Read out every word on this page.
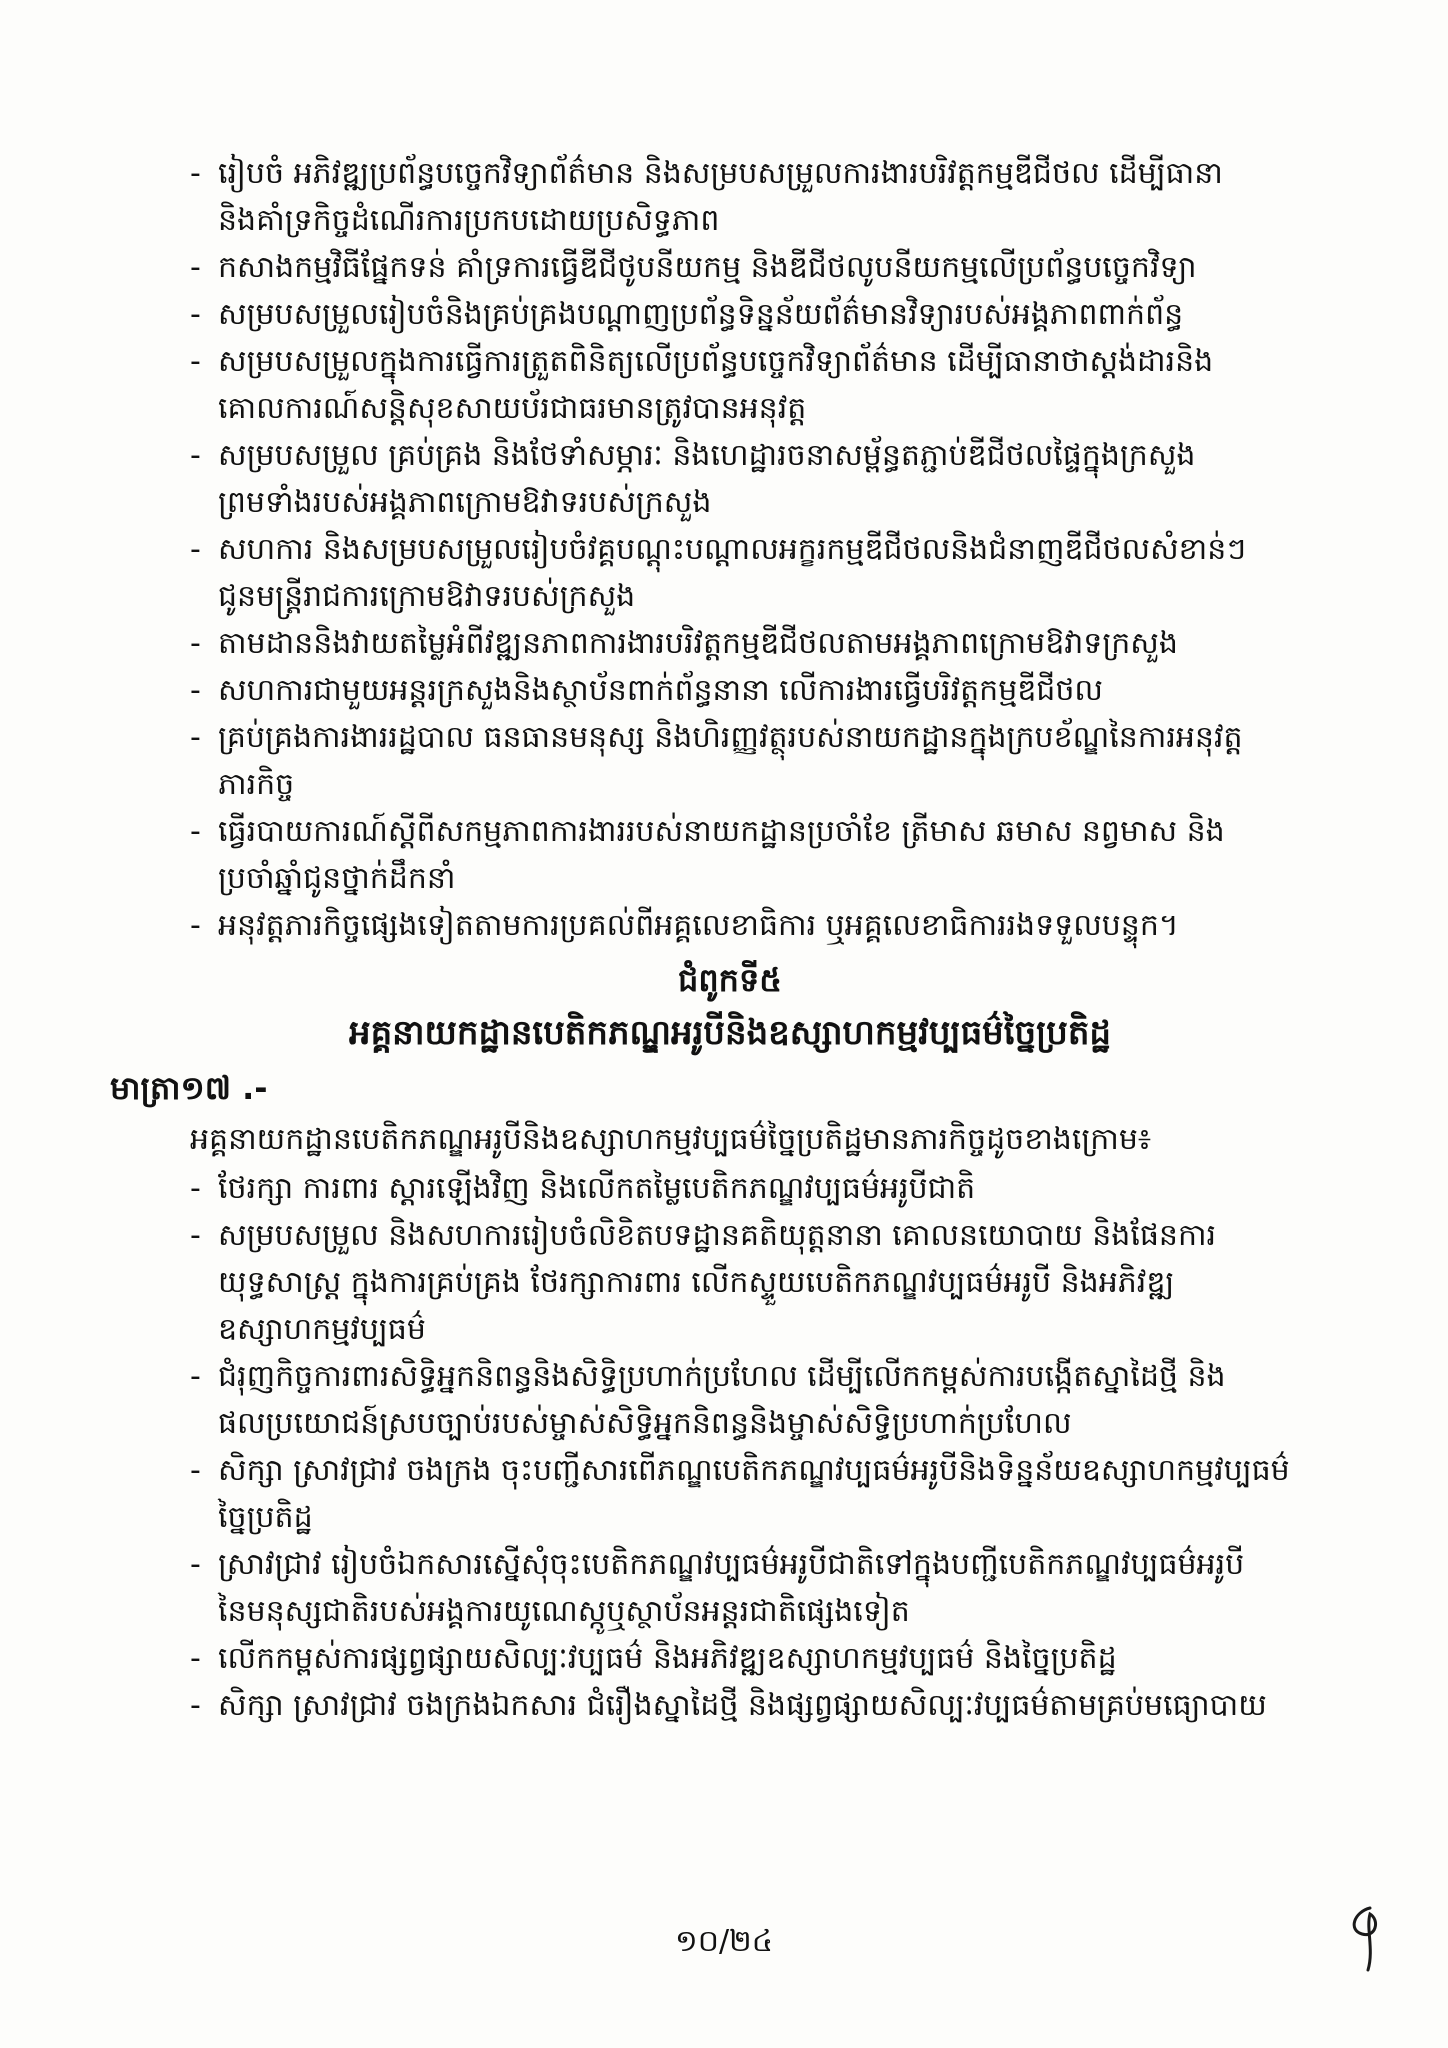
- រៀបចំ អភិវឌ្ឍប្រព័ន្ធបច្ចេកវិទ្យាព័ត៌មាន និងសម្របសម្រួលការងារបរិវត្តកម្មឌីជីថល ដើម្បីធានា
និងគាំទ្រកិច្ចដំណើរការប្រកបដោយប្រសិទ្ធភាព
- កសាងកម្មវិធីផ្នែកទន់ គាំទ្រការធ្វើឌីជីថូបនីយកម្ម និងឌីជីថលូបនីយកម្មលើប្រព័ន្ធបច្ចេកវិទ្យា
- សម្របសម្រួលរៀបចំនិងគ្រប់គ្រងបណ្ដាញប្រព័ន្ធទិន្នន័យព័ត៌មានវិទ្យារបស់អង្គភាពពាក់ព័ន្ធ
- សម្របសម្រួលក្នុងការធ្វើការត្រួតពិនិត្យលើប្រព័ន្ធបច្ចេកវិទ្យាព័ត៌មាន ដើម្បីធានាថាស្តង់ដារនិង
គោលការណ៍សន្តិសុខសាយប័រជាធរមានត្រូវបានអនុវត្ត
- សម្របសម្រួល គ្រប់គ្រង និងថែទាំសម្ភារៈ និងហេដ្ឋារចនាសម្ព័ន្ធតភ្ជាប់ឌីជីថលផ្ទៃក្នុងក្រសួង
ព្រមទាំងរបស់អង្គភាពក្រោមឱវាទរបស់ក្រសួង
- សហការ និងសម្របសម្រួលរៀបចំវគ្គបណ្តុះបណ្តាលអក្ខរកម្មឌីជីថលនិងជំនាញឌីជីថលសំខាន់ៗ
ជូនមន្ត្រីរាជការក្រោមឱវាទរបស់ក្រសួង
- តាមដាននិងវាយតម្លៃអំពីវឌ្ឍនភាពការងារបរិវត្តកម្មឌីជីថលតាមអង្គភាពក្រោមឱវាទក្រសួង
- សហការជាមួយអន្តរក្រសួងនិងស្ថាប័នពាក់ព័ន្ធនានា លើការងារធ្វើបរិវត្តកម្មឌីជីថល
- គ្រប់គ្រងការងាររដ្ឋបាល ធនធានមនុស្ស និងហិរញ្ញវត្ថុរបស់នាយកដ្ឋានក្នុងក្របខ័ណ្ឌនៃការអនុវត្ត
ភារកិច្ច
- ធ្វើរបាយការណ៍ស្តីពីសកម្មភាពការងាររបស់នាយកដ្ឋានប្រចាំខែ ត្រីមាស ឆមាស នព្វមាស និង
ប្រចាំឆ្នាំជូនថ្នាក់ដឹកនាំ
- អនុវត្តភារកិច្ចផ្សេងទៀតតាមការប្រគល់ពីអគ្គលេខាធិការ ឬអគ្គលេខាធិការរងទទួលបន្ទុក។
ជំពូកទី៥
អគ្គនាយកដ្ឋានបេតិកភណ្ឌអរូបីនិងឧស្សាហកម្មវប្បធម៌ច្នៃប្រតិដ្ឋ
មាត្រា១៧ .-
អគ្គនាយកដ្ឋានបេតិកភណ្ឌអរូបីនិងឧស្សាហកម្មវប្បធម៌ច្នៃប្រតិដ្ឋមានភារកិច្ចដូចខាងក្រោម៖
- ថែរក្សា ការពារ ស្តារឡើងវិញ និងលើកតម្លៃបេតិកភណ្ឌវប្បធម៌អរូបីជាតិ
- សម្របសម្រួល និងសហការរៀបចំលិខិតបទដ្ឋានគតិយុត្តនានា គោលនយោបាយ និងផែនការ
យុទ្ធសាស្ត្រ ក្នុងការគ្រប់គ្រង ថែរក្សាការពារ លើកស្ទួយបេតិកភណ្ឌវប្បធម៌អរូបី និងអភិវឌ្ឍ
ឧស្សាហកម្មវប្បធម៌
- ជំរុញកិច្ចការពារសិទ្ធិអ្នកនិពន្ធនិងសិទ្ធិប្រហាក់ប្រហែល ដើម្បីលើកកម្ពស់ការបង្កើតស្នាដៃថ្មី និង
ផលប្រយោជន៍ស្របច្បាប់របស់ម្ចាស់សិទ្ធិអ្នកនិពន្ធនិងម្ចាស់សិទ្ធិប្រហាក់ប្រហែល
- សិក្សា ស្រាវជ្រាវ ចងក្រង ចុះបញ្ជីសារពើភណ្ឌបេតិកភណ្ឌវប្បធម៌អរូបីនិងទិន្នន័យឧស្សាហកម្មវប្បធម៌
ច្នៃប្រតិដ្ឋ
- ស្រាវជ្រាវ រៀបចំឯកសារស្នើសុំចុះបេតិកភណ្ឌវប្បធម៌អរូបីជាតិទៅក្នុងបញ្ជីបេតិកភណ្ឌវប្បធម៌អរូបី
នៃមនុស្សជាតិរបស់អង្គការយូណេស្កូឬស្ថាប័នអន្តរជាតិផ្សេងទៀត
- លើកកម្ពស់ការផ្សព្វផ្សាយសិល្បៈវប្បធម៌ និងអភិវឌ្ឍឧស្សាហកម្មវប្បធម៌ និងច្នៃប្រតិដ្ឋ
- សិក្សា ស្រាវជ្រាវ ចងក្រងឯកសារ ជំរឿងស្នាដៃថ្មី និងផ្សព្វផ្សាយសិល្បៈវប្បធម៌តាមគ្រប់មធ្យោបាយ
១០/២៤
